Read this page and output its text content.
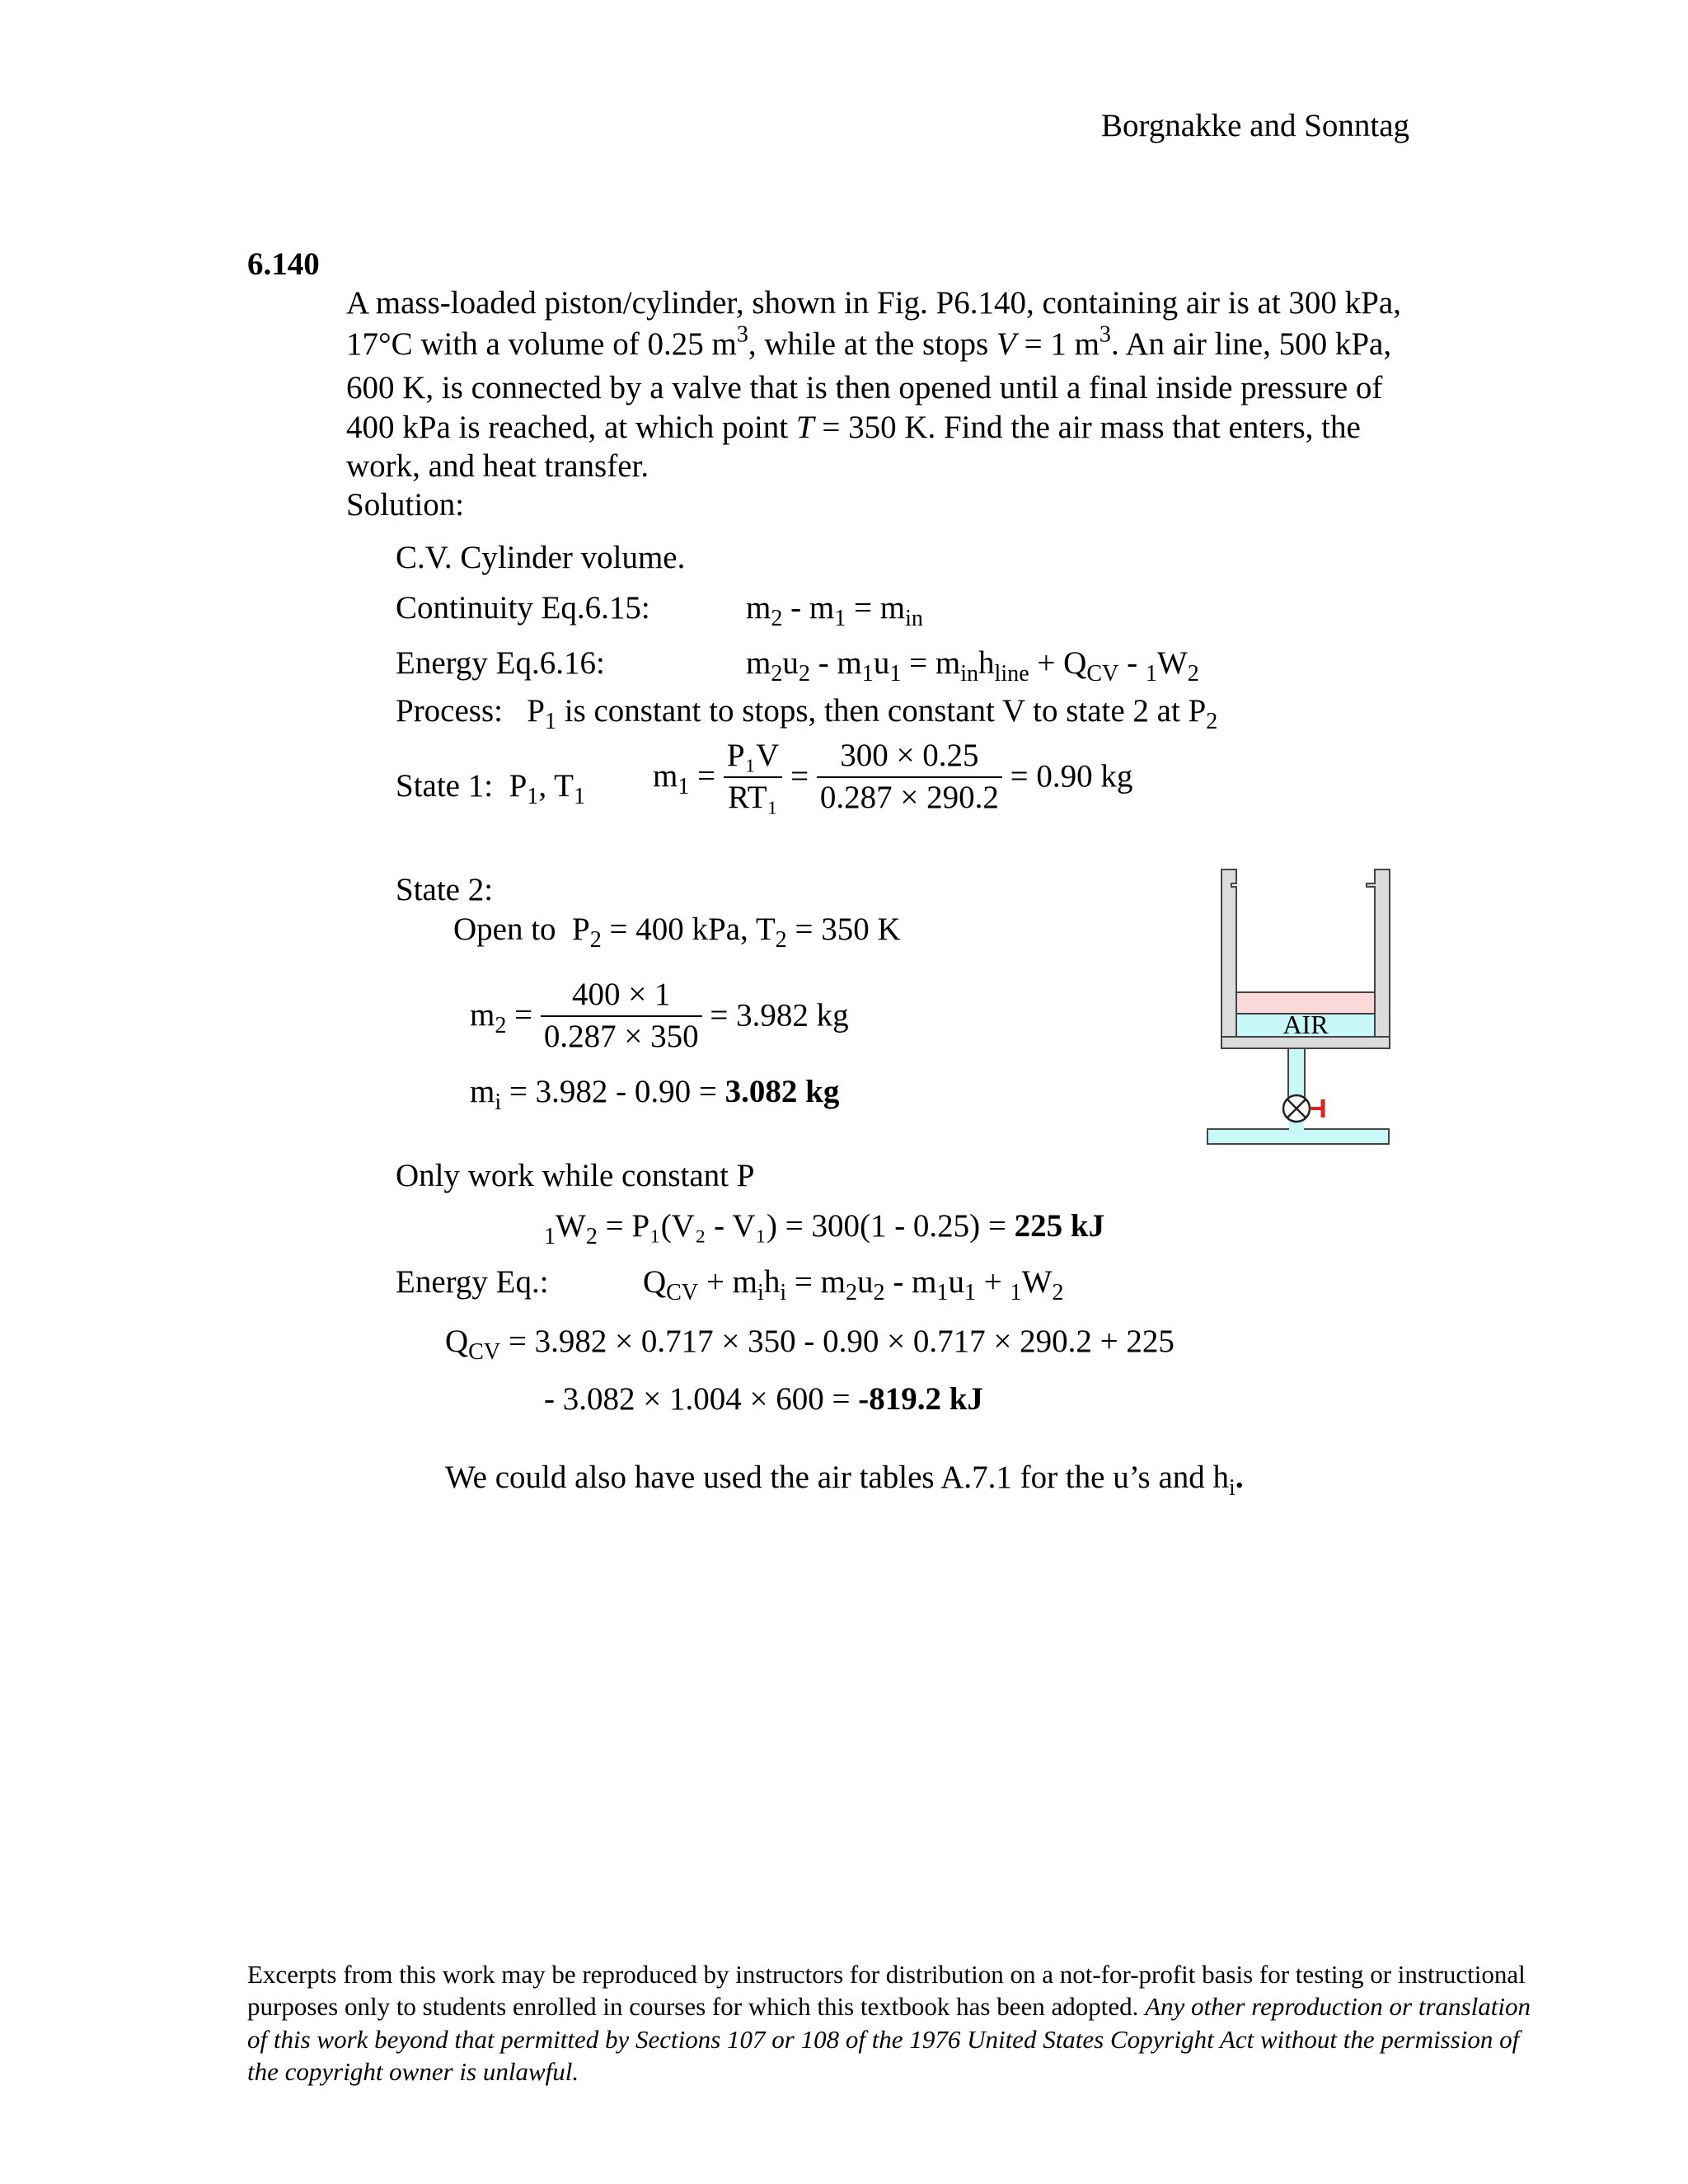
Borgnakke and Sonntag
6.140
A mass-loaded piston/cylinder, shown in Fig. P6.140, containing air is at 300 kPa,
17°C with a volume of 0.25 $m^3$, while at the stops V = 1 $m^3$. An air line, 500 kPa,
600 K, is connected by a valve that is then opened until a final inside pressure of
400 kPa is reached, at which point T = 350 K. Find the air mass that enters, the
work, and heat transfer.
Solution:
C.V. Cylinder volume.
Continuity Eq.6.15:	$m_2 - m_1 = m_{in}$
Energy Eq.6.16:	$m_2u_2 - m_1u_1 = m_{in}h_{line} + Q_{CV} - _1W_2$
Process:   $P_1$ is constant to stops, then constant V to state 2 at $P_2$
State 1:  $P_1$, $T_1$
$m_1 = \frac{\text{P₁V}}{\text{RT₁}} = \frac{300 \times 0.25}{0.287 \times 290.2} = 0.90$ kg
State 2:
Open to  $P_2 = 400$ kPa, $T_2 = 350$ K
$m_2 = \frac{400 \times 1}{0.287 \times 350} = 3.982$ kg
$m_i = 3.982 - 0.90 = 3.082$ kg
Only work while constant P
$_1W_2 = P_1(V_2 - V_1) = 300(1 - 0.25) = 225$ kJ
Energy Eq.:	$Q_{CV} + m_ih_i = m_2u_2 - m_1u_1 + _1W_2$
$Q_{CV} = 3.982 \times 0.717 \times 350 - 0.90 \times 0.717 \times 290.2 + 225$
- 3.082 × 1.004 × 600 = -819.2 kJ
We could also have used the air tables A.7.1 for the u’s and $h_i$.
AIR
Excerpts from this work may be reproduced by instructors for distribution on a not-for-profit basis for testing or instructional purposes only to students enrolled in courses for which this textbook has been adopted. Any other reproduction or translation of this work beyond that permitted by Sections 107 or 108 of the 1976 United States Copyright Act without the permission of the copyright owner is unlawful.
